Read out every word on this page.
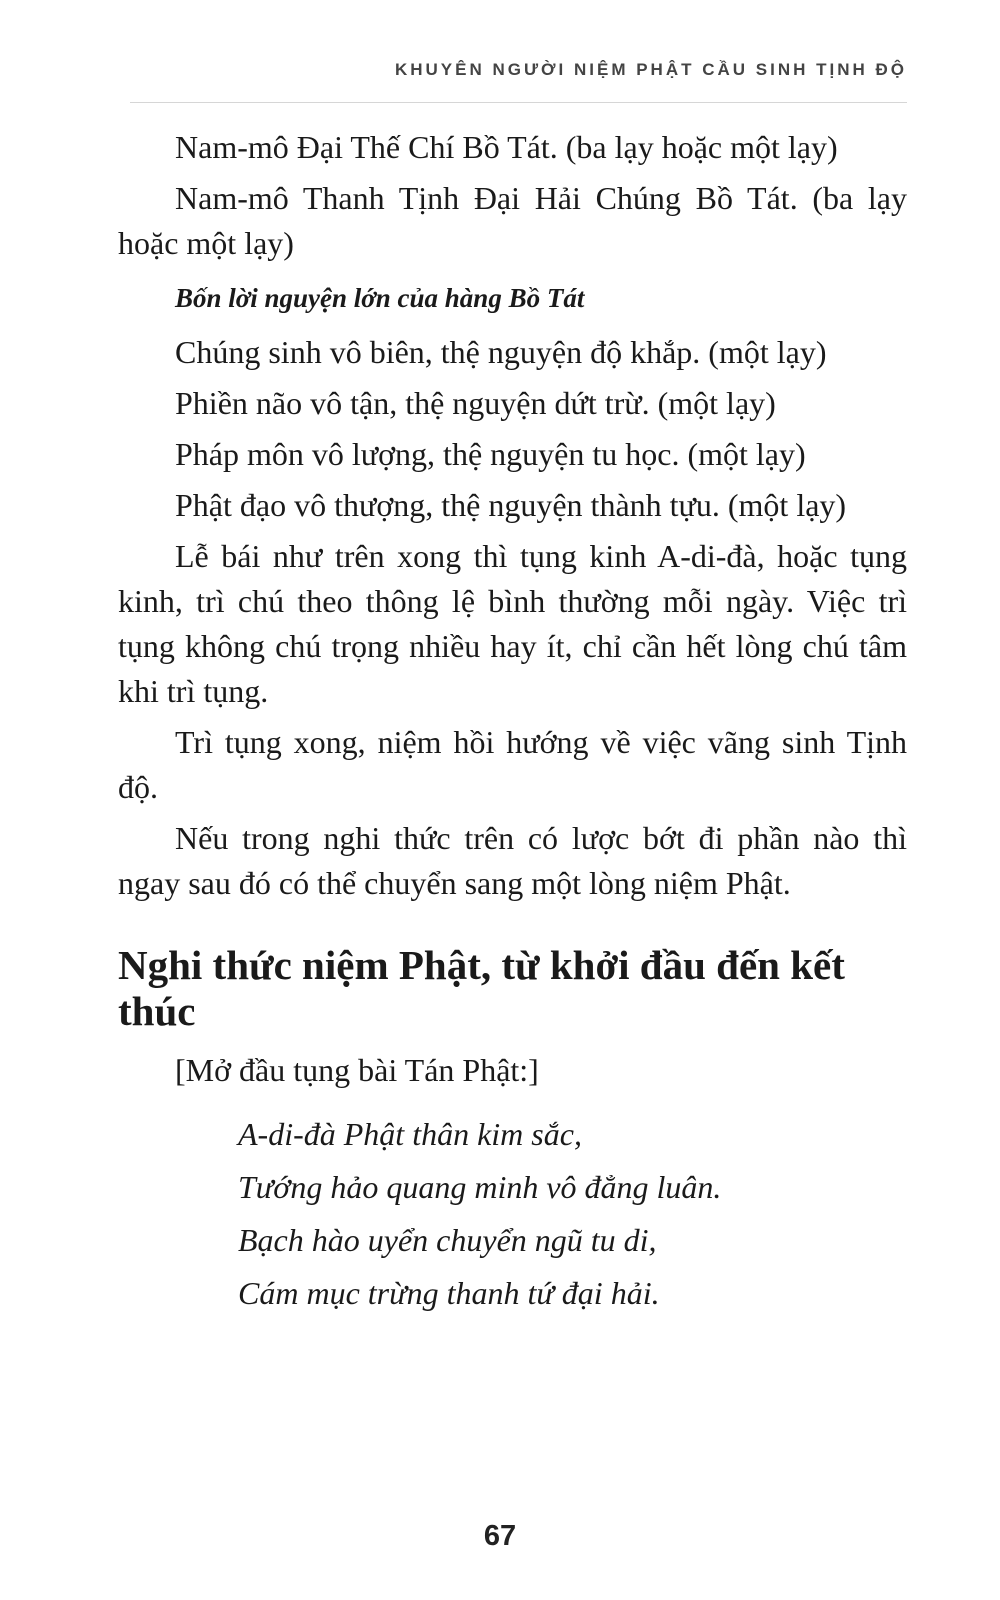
KHUYÊN NGƯỜI NIỆM PHẬT CẦU SINH TỊNH ĐỘ

Nam-mô Đại Thế Chí Bồ Tát. (ba lạy hoặc một lạy)

Nam-mô Thanh Tịnh Đại Hải Chúng Bồ Tát. (ba lạy hoặc một lạy)

Bốn lời nguyện lớn của hàng Bồ Tát

Chúng sinh vô biên, thệ nguyện độ khắp. (một lạy)

Phiền não vô tận, thệ nguyện dứt trừ. (một lạy)

Pháp môn vô lượng, thệ nguyện tu học. (một lạy)

Phật đạo vô thượng, thệ nguyện thành tựu. (một lạy)

Lễ bái như trên xong thì tụng kinh A-di-đà, hoặc tụng kinh, trì chú theo thông lệ bình thường mỗi ngày. Việc trì tụng không chú trọng nhiều hay ít, chỉ cần hết lòng chú tâm khi trì tụng.

Trì tụng xong, niệm hồi hướng về việc vãng sinh Tịnh độ.

Nếu trong nghi thức trên có lược bớt đi phần nào thì ngay sau đó có thể chuyển sang một lòng niệm Phật.

Nghi thức niệm Phật, từ khởi đầu đến kết thúc
[Mở đầu tụng bài Tán Phật:]
A-di-đà Phật thân kim sắc,
Tướng hảo quang minh vô đẳng luân.
Bạch hào uyển chuyển ngũ tu di,
Cám mục trừng thanh tứ đại hải.
67
